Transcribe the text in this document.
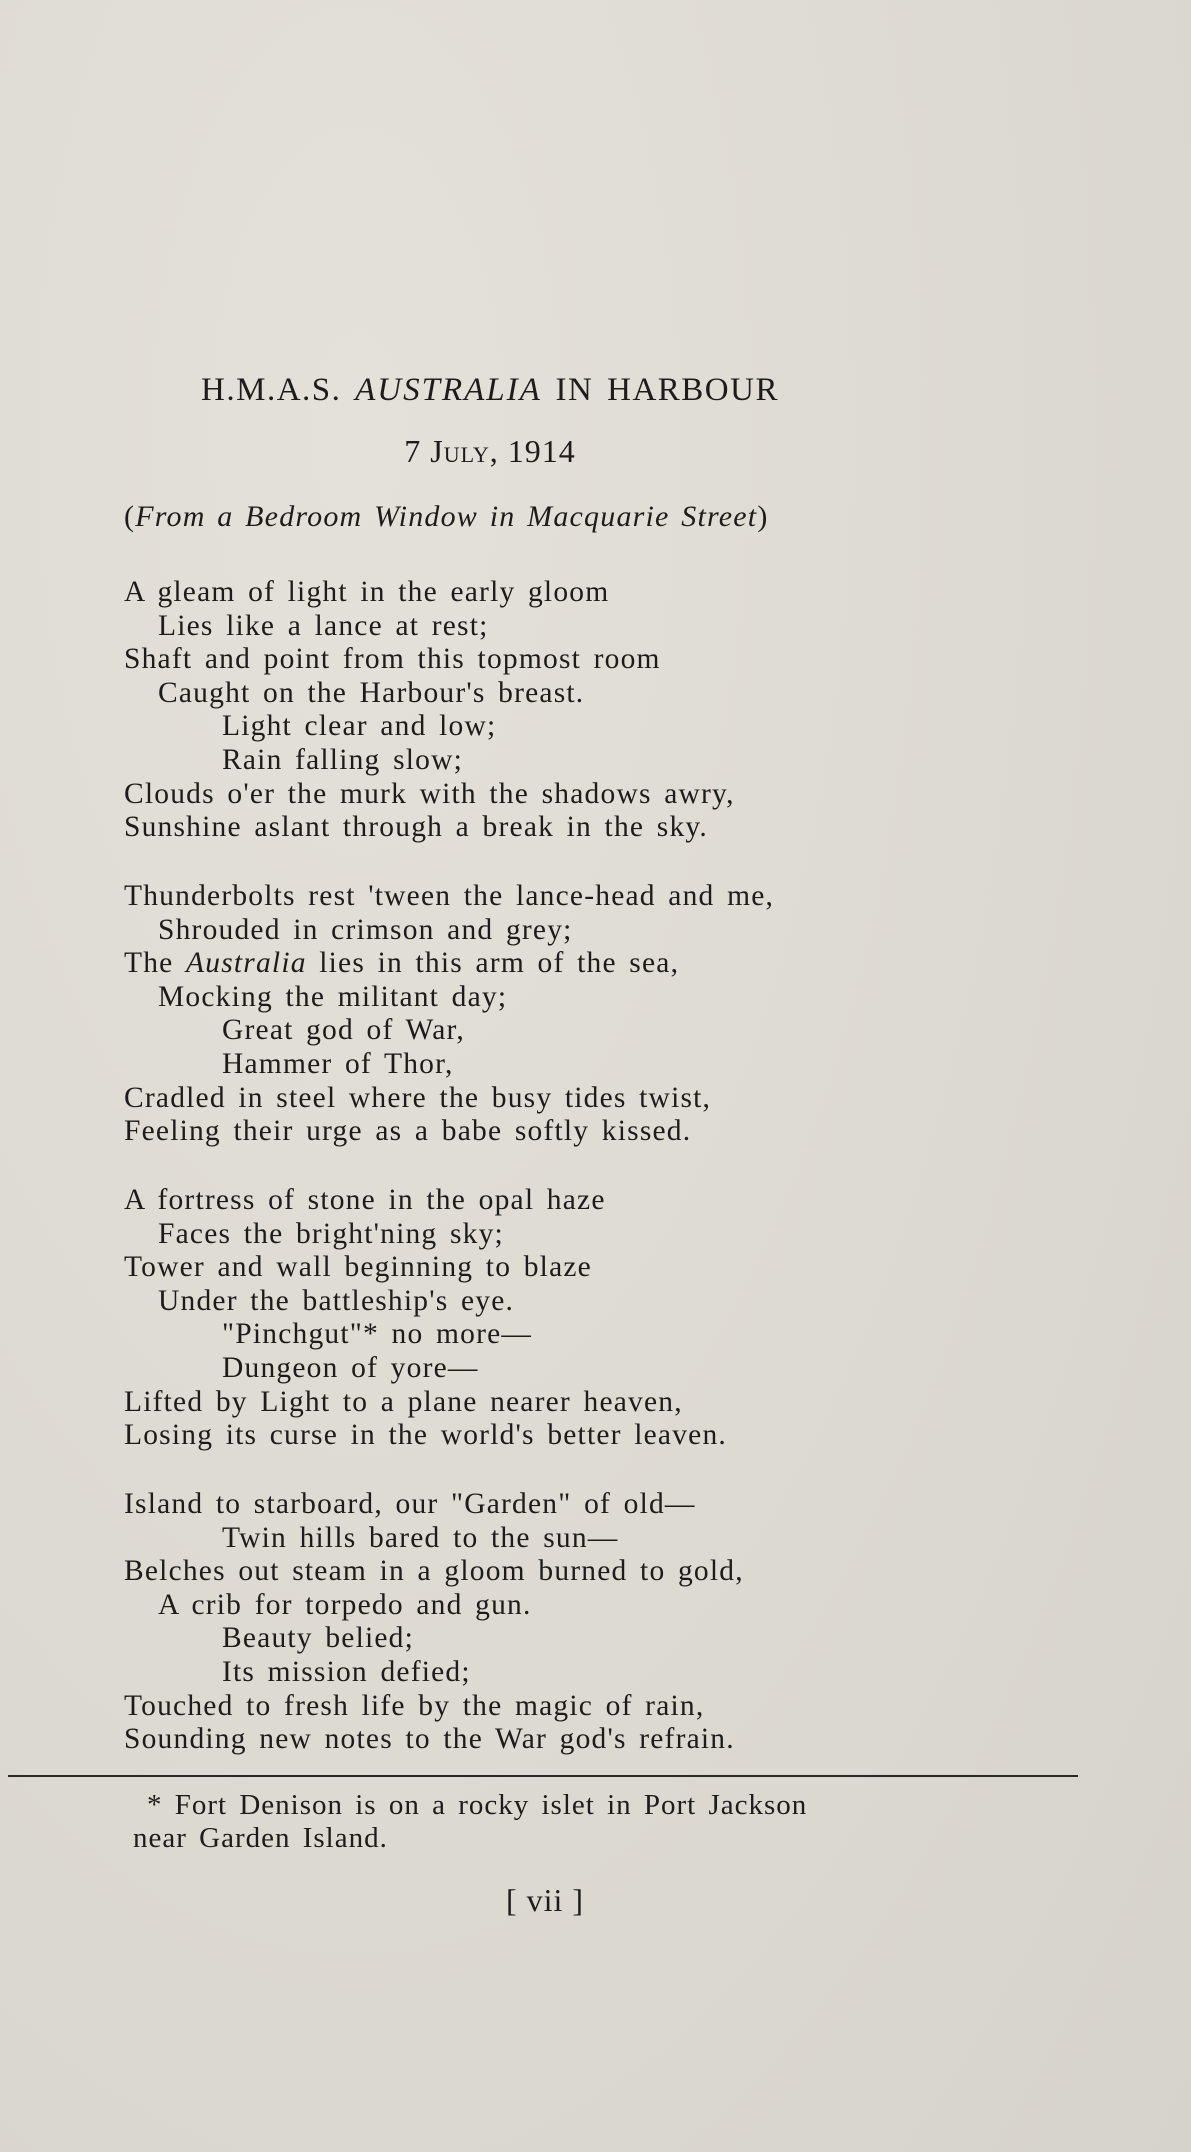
H.M.A.S. AUSTRALIA IN HARBOUR
7 July, 1914
(From a Bedroom Window in Macquarie Street)
A gleam of light in the early gloom
Lies like a lance at rest;
Shaft and point from this topmost room
Caught on the Harbour's breast.
Light clear and low;
Rain falling slow;
Clouds o'er the murk with the shadows awry,
Sunshine aslant through a break in the sky.
Thunderbolts rest 'tween the lance-head and me,
Shrouded in crimson and grey;
The Australia lies in this arm of the sea,
Mocking the militant day;
Great god of War,
Hammer of Thor,
Cradled in steel where the busy tides twist,
Feeling their urge as a babe softly kissed.
A fortress of stone in the opal haze
Faces the bright'ning sky;
Tower and wall beginning to blaze
Under the battleship's eye.
"Pinchgut"* no more—
Dungeon of yore—
Lifted by Light to a plane nearer heaven,
Losing its curse in the world's better leaven.
Island to starboard, our "Garden" of old—
Twin hills bared to the sun—
Belches out steam in a gloom burned to gold,
A crib for torpedo and gun.
Beauty belied;
Its mission defied;
Touched to fresh life by the magic of rain,
Sounding new notes to the War god's refrain.
* Fort Denison is on a rocky islet in Port Jackson
near Garden Island.
[ vii ]
